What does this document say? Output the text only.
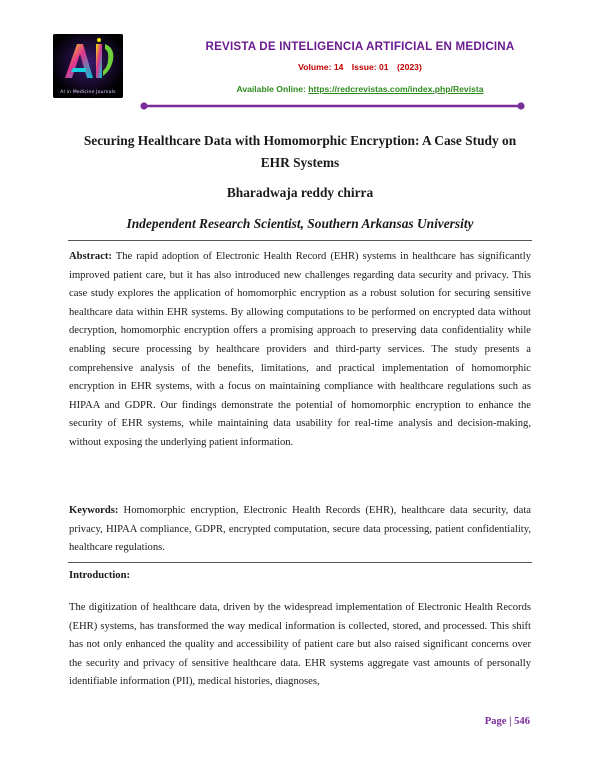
AI in Medicine Journals
REVISTA DE INTELIGENCIA ARTIFICIAL EN MEDICINA
Volume: 14 Issue: 01 (2023)
Available Online: https://redcrevistas.com/index.php/Revista
Securing Healthcare Data with Homomorphic Encryption: A Case Study on EHR Systems
Bharadwaja reddy chirra
Independent Research Scientist, Southern Arkansas University
Abstract: The rapid adoption of Electronic Health Record (EHR) systems in healthcare has significantly improved patient care, but it has also introduced new challenges regarding data security and privacy. This case study explores the application of homomorphic encryption as a robust solution for securing sensitive healthcare data within EHR systems. By allowing computations to be performed on encrypted data without decryption, homomorphic encryption offers a promising approach to preserving data confidentiality while enabling secure processing by healthcare providers and third-party services. The study presents a comprehensive analysis of the benefits, limitations, and practical implementation of homomorphic encryption in EHR systems, with a focus on maintaining compliance with healthcare regulations such as HIPAA and GDPR. Our findings demonstrate the potential of homomorphic encryption to enhance the security of EHR systems, while maintaining data usability for real-time analysis and decision-making, without exposing the underlying patient information.
Keywords: Homomorphic encryption, Electronic Health Records (EHR), healthcare data security, data privacy, HIPAA compliance, GDPR, encrypted computation, secure data processing, patient confidentiality, healthcare regulations.
Introduction:
The digitization of healthcare data, driven by the widespread implementation of Electronic Health Records (EHR) systems, has transformed the way medical information is collected, stored, and processed. This shift has not only enhanced the quality and accessibility of patient care but also raised significant concerns over the security and privacy of sensitive healthcare data. EHR systems aggregate vast amounts of personally identifiable information (PII), medical histories, diagnoses,
Page | 546
